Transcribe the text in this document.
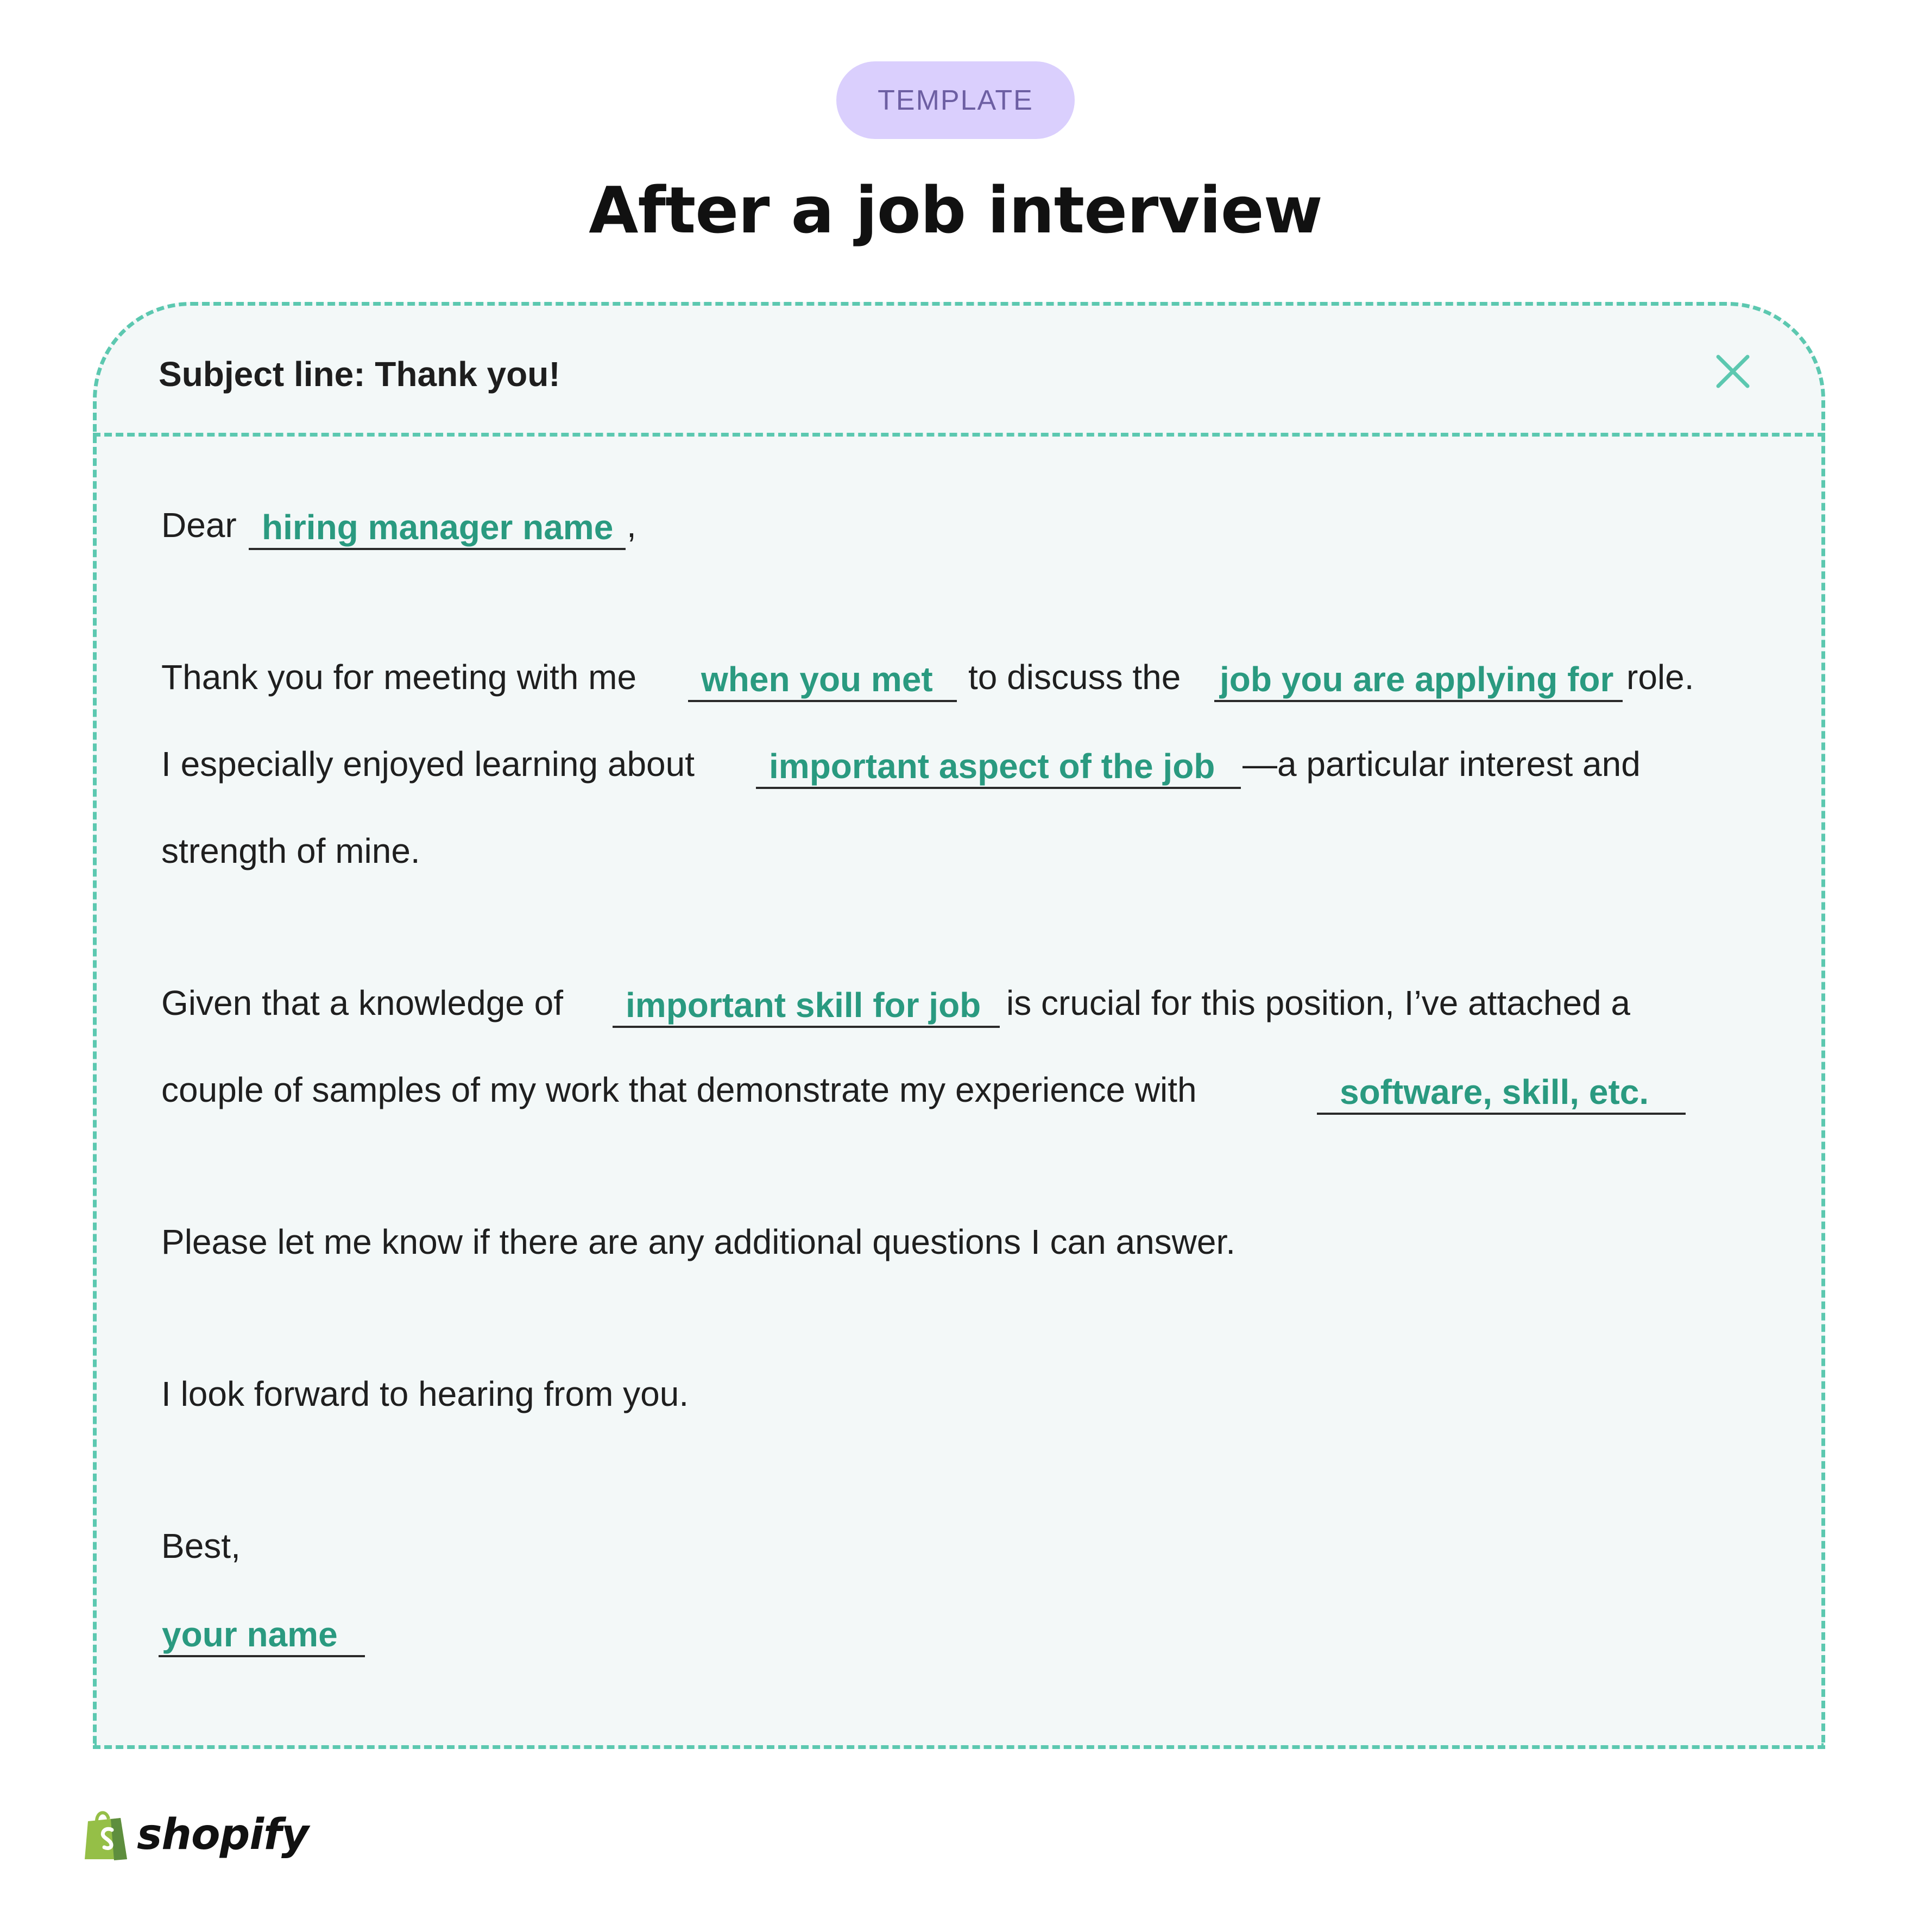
TEMPLATE
After a job interview
Subject line: Thank you!
Dear hiring manager name ,
Thank you for meeting with me	when you met	to discuss the job you are applying for role.
I especially enjoyed learning about	important aspect of the job —a particular interest and
strength of mine.
Given that a knowledge of	important skill for job is crucial for this position, I’ve attached a
couple of samples of my work that demonstrate my experience with	software, skill, etc.
Please let me know if there are any additional questions I can answer.
I look forward to hearing from you.
Best,
your name
shopify
